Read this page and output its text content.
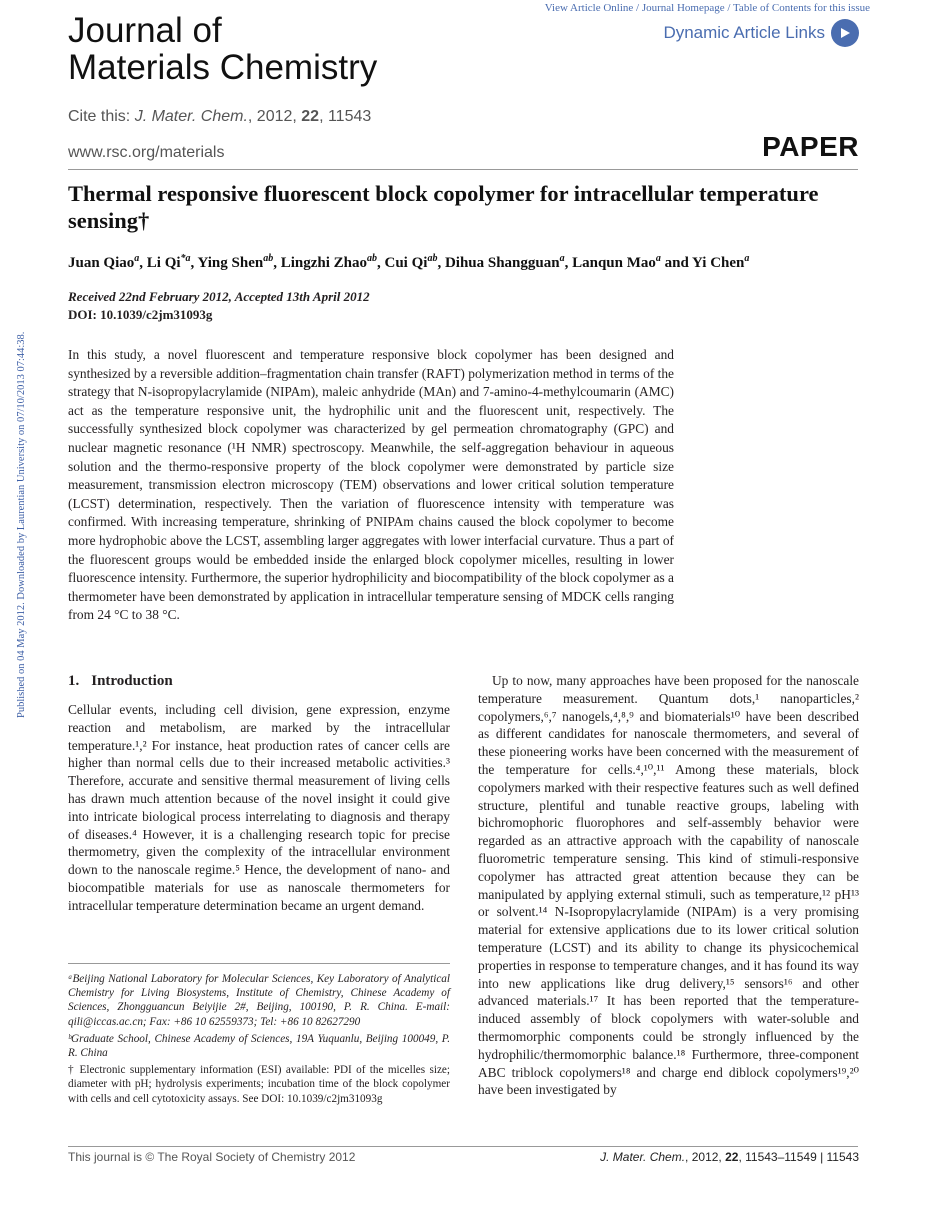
View Article Online / Journal Homepage / Table of Contents for this issue
Dynamic Article Links
Journal of
Materials Chemistry
Cite this: J. Mater. Chem., 2012, 22, 11543
www.rsc.org/materials	PAPER
Published on 04 May 2012. Downloaded by Laurentian University on 07/10/2013 07:44:38.
Thermal responsive fluorescent block copolymer for intracellular temperature sensing†
Juan Qiao$^a$, Li Qi$^{*a}$, Ying Shen$^{ab}$, Lingzhi Zhao$^{ab}$, Cui $Qi^{ab}$, Dihua Shangguan$^a$, Lanqun Mao$^a$ and Yi Chen$^a$
Received 22nd February 2012, Accepted 13th April 2012
DOI: 10.1039/c2jm31093g

In this study, a novel fluorescent and temperature responsive block copolymer has been designed and synthesized by a reversible addition–fragmentation chain transfer (RAFT) polymerization method in terms of the strategy that N-isopropylacrylamide (NIPAm), maleic anhydride (MAn) and 7-amino-4-methylcoumarin (AMC) act as the temperature responsive unit, the hydrophilic unit and the fluorescent unit, respectively. The successfully synthesized block copolymer was characterized by gel permeation chromatography (GPC) and nuclear magnetic resonance (¹H NMR) spectroscopy. Meanwhile, the self-aggregation behaviour in aqueous solution and the thermo-responsive property of the block copolymer were demonstrated by particle size measurement, transmission electron microscopy (TEM) observations and lower critical solution temperature (LCST) determination, respectively. Then the variation of fluorescence intensity with temperature was confirmed. With increasing temperature, shrinking of PNIPAm chains caused the block copolymer to become more hydrophobic above the LCST, assembling larger aggregates with lower interfacial curvature. Thus a part of the fluorescent groups would be embedded inside the enlarged block copolymer micelles, resulting in lower fluorescence intensity. Furthermore, the superior hydrophilicity and biocompatibility of the block copolymer as a thermometer have been demonstrated by application in intracellular temperature sensing of MDCK cells ranging from 24 °C to 38 °C.

1. Introduction

Cellular events, including cell division, gene expression, enzyme reaction and metabolism, are marked by the intracellular temperature.¹,² For instance, heat production rates of cancer cells are higher than normal cells due to their increased metabolic activities.³ Therefore, accurate and sensitive thermal measurement of living cells has drawn much attention because of the novel insight it could give into intricate biological process interrelating to diagnosis and therapy of diseases.⁴ However, it is a challenging research topic for precise thermometry, given the complexity of the intracellular environment down to the nanoscale regime.⁵ Hence, the development of nano- and biocompatible materials for use as nanoscale thermometers for intracellular temperature determination became an urgent demand.

Up to now, many approaches have been proposed for the nanoscale temperature measurement. Quantum dots,¹ nanoparticles,² copolymers,⁶,⁷ nanogels,⁴,⁸,⁹ and biomaterials¹⁰ have been described as different candidates for nanoscale thermometers, and several of these pioneering works have been concerned with the measurement of the temperature for cells.⁴,¹⁰,¹¹ Among these materials, block copolymers marked with their respective features such as well defined structure, plentiful and tunable reactive groups, labeling with bichromophoric fluorophores and self-assembly behavior were regarded as an attractive approach with the capability of nanoscale fluorometric temperature sensing. This kind of stimuli-responsive copolymer has attracted great attention because they can be manipulated by applying external stimuli, such as temperature,¹² pH¹³ or solvent.¹⁴ N-Isopropylacrylamide (NIPAm) is a very promising material for extensive applications due to its lower critical solution temperature (LCST) and its ability to change its physicochemical properties in response to temperature changes, and it has found its way into new applications like drug delivery,¹⁵ sensors¹⁶ and other advanced materials.¹⁷ It has been reported that the temperature-induced assembly of block copolymers with water-soluble and thermomorphic components could be strongly influenced by the hydrophilic/thermomorphic balance.¹⁸ Furthermore, three-component ABC triblock copolymers¹⁸ and charge end diblock copolymers¹⁹,²⁰ have been investigated by

ᵃBeijing National Laboratory for Molecular Sciences, Key Laboratory of Analytical Chemistry for Living Biosystems, Institute of Chemistry, Chinese Academy of Sciences, Zhongguancun Beiyijie 2#, Beijing, 100190, P. R. China. E-mail: qili@iccas.ac.cn; Fax: +86 10 62559373; Tel: +86 10 82627290

ᵇGraduate School, Chinese Academy of Sciences, 19A Yuquanlu, Beijing 100049, P. R. China

† Electronic supplementary information (ESI) available: PDI of the micelles size; diameter with pH; hydrolysis experiments; incubation time of the block copolymer with cells and cell cytotoxicity assays. See DOI: 10.1039/c2jm31093g

This journal is © The Royal Society of Chemistry 2012	J. Mater. Chem., 2012, 22, 11543–11549 | 11543
